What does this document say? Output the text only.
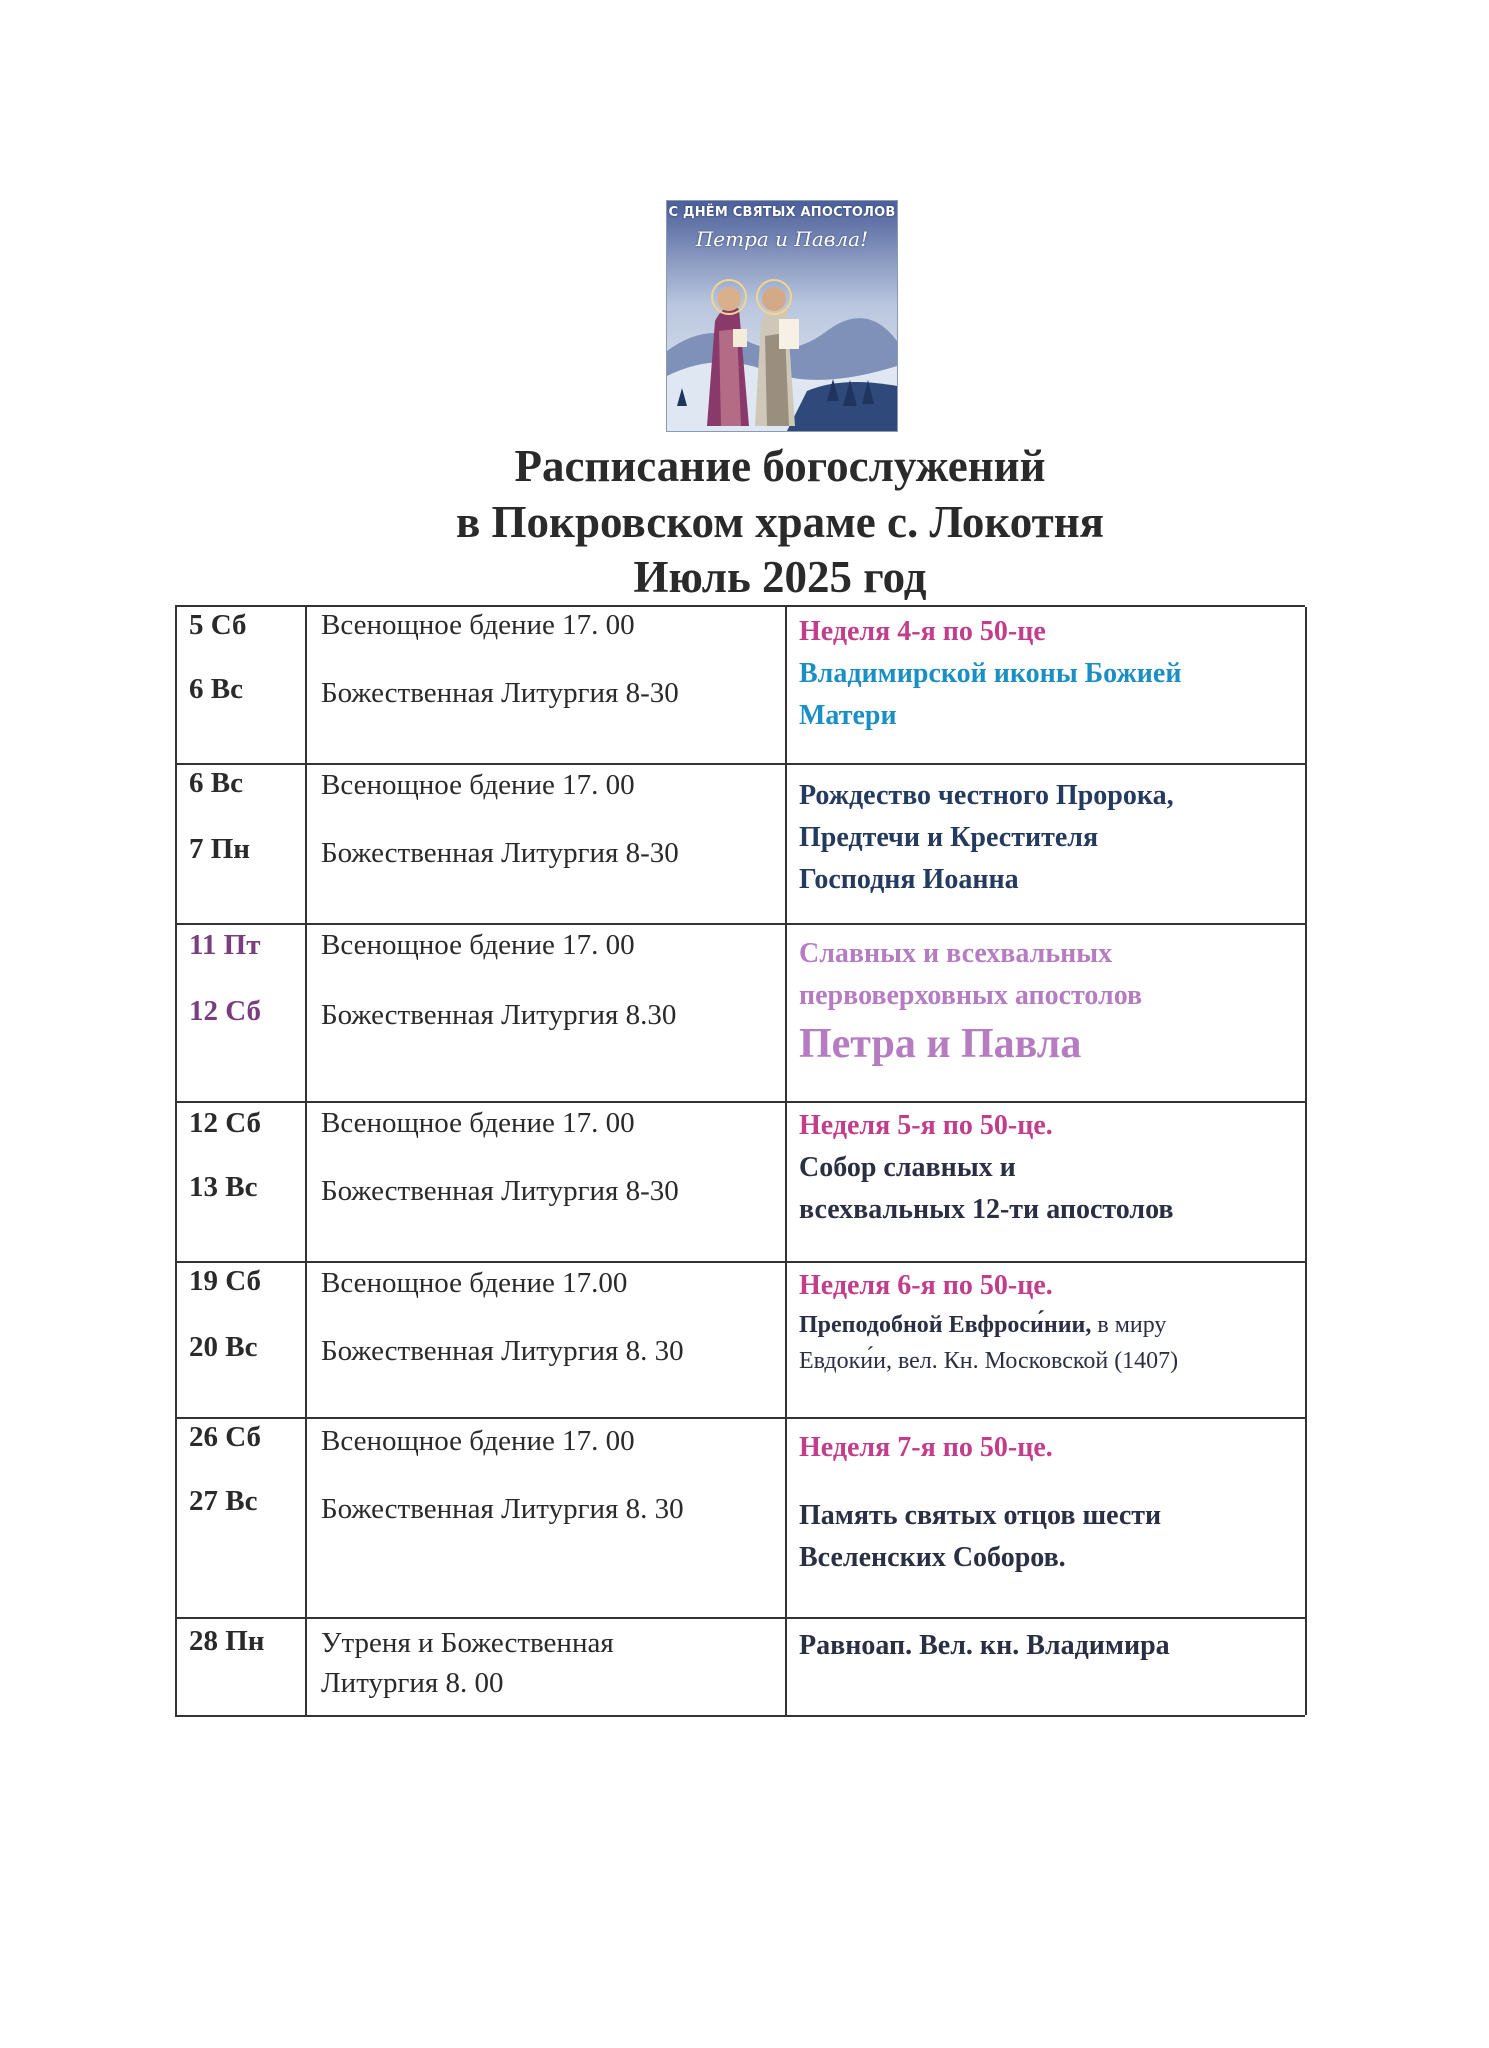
С ДНЁМ СВЯТЫХ АПОСТОЛОВ
Петра и Павла!
Расписание богослужений
в Покровском храме с. Локотня
Июль 2025 год
5 Сб
6 Вс
Всенощное бдение 17. 00
Божественная Литургия 8-30
Неделя 4-я по 50-це
Владимирской иконы Божией
Матери
6 Вс
7 Пн
Всенощное бдение 17. 00
Божественная Литургия 8-30
Рождество честного Пророка,
Предтечи и Крестителя
Господня Иоанна
11 Пт
12 Сб
Всенощное бдение 17. 00
Божественная Литургия 8.30
Славных и всехвальных
первоверховных апостолов
Петра и Павла
12 Сб
13 Вс
Всенощное бдение 17. 00
Божественная Литургия 8-30
Неделя 5-я по 50-це.
Собор славных и
всехвальных 12-ти апостолов
19 Сб
20 Вс
Всенощное бдение 17.00
Божественная Литургия 8. 30
Неделя 6-я по 50-це.
Преподобной Евфроси́нии, в миру
Евдоки́и, вел. Кн. Московской (1407)
26 Сб
27 Вс
Всенощное бдение 17. 00
Божественная Литургия 8. 30
Неделя 7-я по 50-це.
Память святых отцов шести
Вселенских Соборов.
28 Пн Утреня и Божественная
Литургия 8. 00
Равноап. Вел. кн. Владимира
